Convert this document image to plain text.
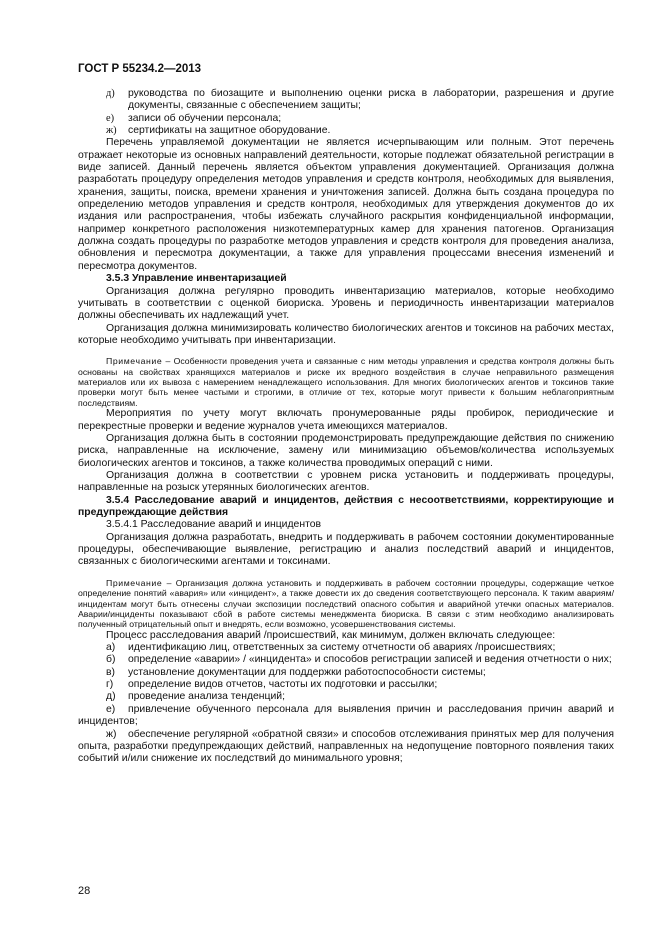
ГОСТ Р 55234.2—2013
д)	руководства по биозащите и выполнению оценки риска в лаборатории, разрешения и другие документы, связанные с обеспечением защиты;
е)	записи об обучении персонала;
ж)	сертификаты на защитное оборудование.

Перечень управляемой документации не является исчерпывающим или полным. Этот перечень отражает некоторые из основных направлений деятельности, которые подлежат обязательной регистрации в виде записей. Данный перечень является объектом управления документацией. Организация должна разработать процедуру определения методов управления и средств контроля, необходимых для выявления, хранения, защиты, поиска, времени хранения и уничтожения записей. Должна быть создана процедура по определению методов управления и средств контроля, необходимых для утверждения документов до их издания или распространения, чтобы избежать случайного раскрытия конфиденциальной информации, например конкретного расположения низкотемпературных камер для хранения патогенов. Организация должна создать процедуры по разработке методов управления и средств контроля для проведения анализа, обновления и пересмотра документации, а также для управления процессами внесения изменений и пересмотра документов.

3.5.3 Управление инвентаризацией

Организация должна регулярно проводить инвентаризацию материалов, которые необходимо учитывать в соответствии с оценкой биориска. Уровень и периодичность инвентаризации материалов должны обеспечивать их надлежащий учет.

Организация должна минимизировать количество биологических агентов и токсинов на рабочих местах, которые необходимо учитывать при инвентаризации.

Примечание – Особенности проведения учета и связанные с ним методы управления и средства контроля должны быть основаны на свойствах хранящихся материалов и риске их вредного воздействия в случае неправильного размещения материалов или их вывоза с намерением ненадлежащего использования. Для многих биологических агентов и токсинов такие проверки могут быть менее частыми и строгими, в отличие от тех, которые могут привести к большим неблагоприятным последствиям.

Мероприятия по учету могут включать пронумерованные ряды пробирок, периодические и перекрестные проверки и ведение журналов учета имеющихся материалов.

Организация должна быть в состоянии продемонстрировать предупреждающие действия по снижению риска, направленные на исключение, замену или минимизацию объемов/количества используемых биологических агентов и токсинов, а также количества проводимых операций с ними.

Организация должна в соответствии с уровнем риска установить и поддерживать процедуры, направленные на розыск утерянных биологических агентов.

3.5.4 Расследование аварий и инцидентов, действия с несоответствиями, корректирующие и предупреждающие действия

3.5.4.1 Расследование аварий и инцидентов

Организация должна разработать, внедрить и поддерживать в рабочем состоянии документированные процедуры, обеспечивающие выявление, регистрацию и анализ последствий аварий и инцидентов, связанных с биологическими агентами и токсинами.

Примечание – Организация должна установить и поддерживать в рабочем состоянии процедуры, содержащие четкое определение понятий «авария» или «инцидент», а также довести их до сведения соответствующего персонала. К таким авариям/инцидентам могут быть отнесены случаи экспозиции последствий опасного события и аварийной утечки опасных материалов. Аварии/инциденты показывают сбой в работе системы менеджмента биориска. В связи с этим необходимо анализировать полученный отрицательный опыт и внедрять, если возможно, усовершенствования системы.

Процесс расследования аварий /происшествий, как минимум, должен включать следующее:

а) идентификацию лиц, ответственных за систему отчетности об авариях /происшествиях;

б) определение «аварии» / «инцидента» и способов регистрации записей и ведения отчетности о них;

в) установление документации для поддержки работоспособности системы;

г) определение видов отчетов, частоты их подготовки и рассылки;

д) проведение анализа тенденций;

е) привлечение обученного персонала для выявления причин и расследования причин аварий и инцидентов;

ж) обеспечение регулярной «обратной связи» и способов отслеживания принятых мер для получения опыта, разработки предупреждающих действий, направленных на недопущение повторного появления таких событий и/или снижение их последствий до минимального уровня;

28
